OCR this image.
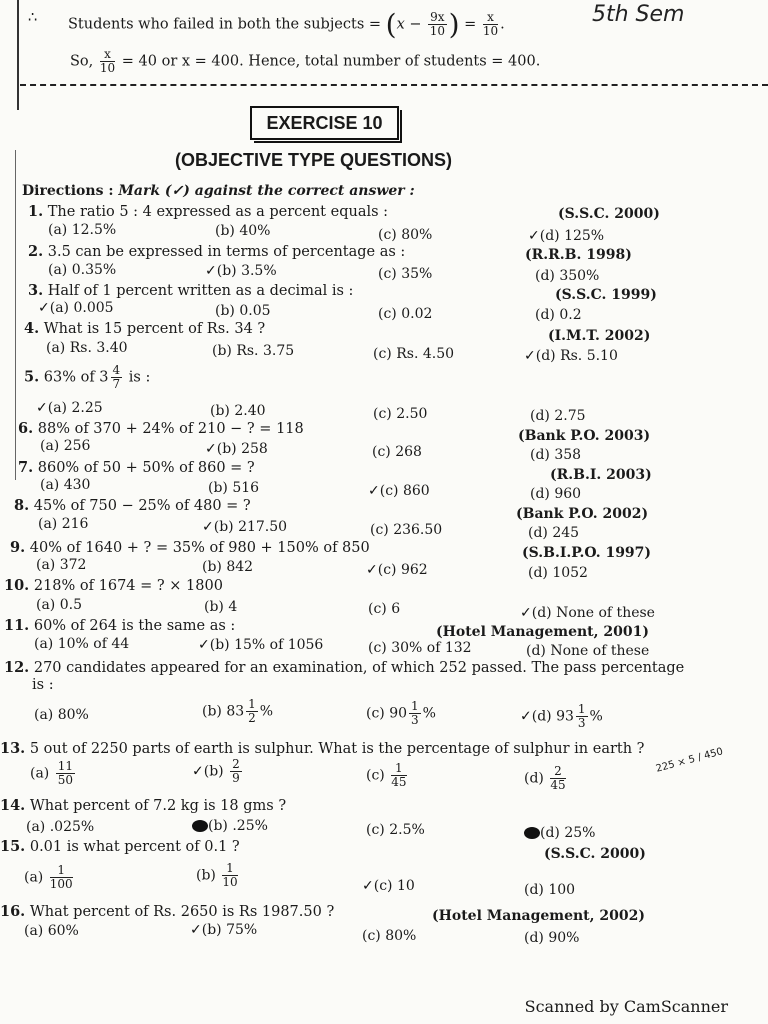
∴ Students who failed in both the subjects = ($x - \frac{9x}{10}$ ) = $\frac{x}{10}$ .	5th Sem
So, $\frac{x}{10} = 40$ or x = 400. Hence, total number of students = 400.
EXERCISE 10
(OBJECTIVE TYPE QUESTIONS)
Directions : Mark (✓) against the correct answer :
1. The ratio 5 : 4 expressed as a percent equals :	(S.S.C. 2000)
(a) 12.5%	(b) 40%	(c) 80%	✓(d) 125%
2. 3.5 can be expressed in terms of percentage as :	(R.R.B. 1998)
(a) 0.35%	✓(b) 3.5%	(c) 35%	(d) 350%
3. Half of 1 percent written as a decimal is :	(S.S.C. 1999)
✓(a) 0.005	(b) 0.05	(c) 0.02	(d) 0.2
4. What is 15 percent of Rs. 34 ?	(I.M.T. 2002)
(a) Rs. 3.40	(b) Rs. 3.75	(c) Rs. 4.50	✓(d) Rs. 5.10
5. 63% of $3 \frac{4}{7}$ is :
✓(a) 2.25	(b) 2.40	(c) 2.50	(d) 2.75
6. 88% of 370 + 24% of 210 − ? = 118	(Bank P.O. 2003)
(a) 256	✓(b) 258	(c) 268	(d) 358
7. 860% of 50 + 50% of 860 = ?	(R.B.I. 2003)
(a) 430	(b) 516	✓(c) 860	(d) 960
8. 45% of 750 − 25% of 480 = ?	(Bank P.O. 2002)
(a) 216	✓(b) 217.50	(c) 236.50	(d) 245
9. 40% of 1640 + ? = 35% of 980 + 150% of 850	(S.B.I.P.O. 1997)
(a) 372	(b) 842	✓(c) 962	(d) 1052
10. 218% of 1674 = ? × 1800
(a) 0.5	(b) 4	(c) 6	✓(d) None of these
11. 60% of 264 is the same as :	(Hotel Management, 2001)
(a) 10% of 44	✓(b) 15% of 1056	(c) 30% of 132	(d) None of these
12. 270 candidates appeared for an examination, of which 252 passed. The pass percentage
is :
(a) 80%	(b) $83 \frac{1}{2}$ %	(c) $90 \frac{1}{3}$ %	✓(d) $93 \frac{1}{3}$ %
13. 5 out of 2250 parts of earth is sulphur. What is the percentage of sulphur in earth ?
$(a) \frac{11}{50}$	✓(b) $\frac{2}{9}$	$(c) \frac{1}{45}$	$(d) \frac{2}{45}$
225 × 5 / 450
14. What percent of 7.2 kg is 18 gms ?
(a) .025%	(b) .25%	(c) 2.5%	(d) 25%
15. 0.01 is what percent of 0.1 ?	(S.S.C. 2000)
$(a) \frac{1}{100}$	$(b) \frac{1}{10}$	✓(c) 10	(d) 100
16. What percent of Rs. 2650 is Rs 1987.50 ?	(Hotel Management, 2002)
(a) 60%	✓(b) 75%	(c) 80%	(d) 90%
Scanned by CamScanner
